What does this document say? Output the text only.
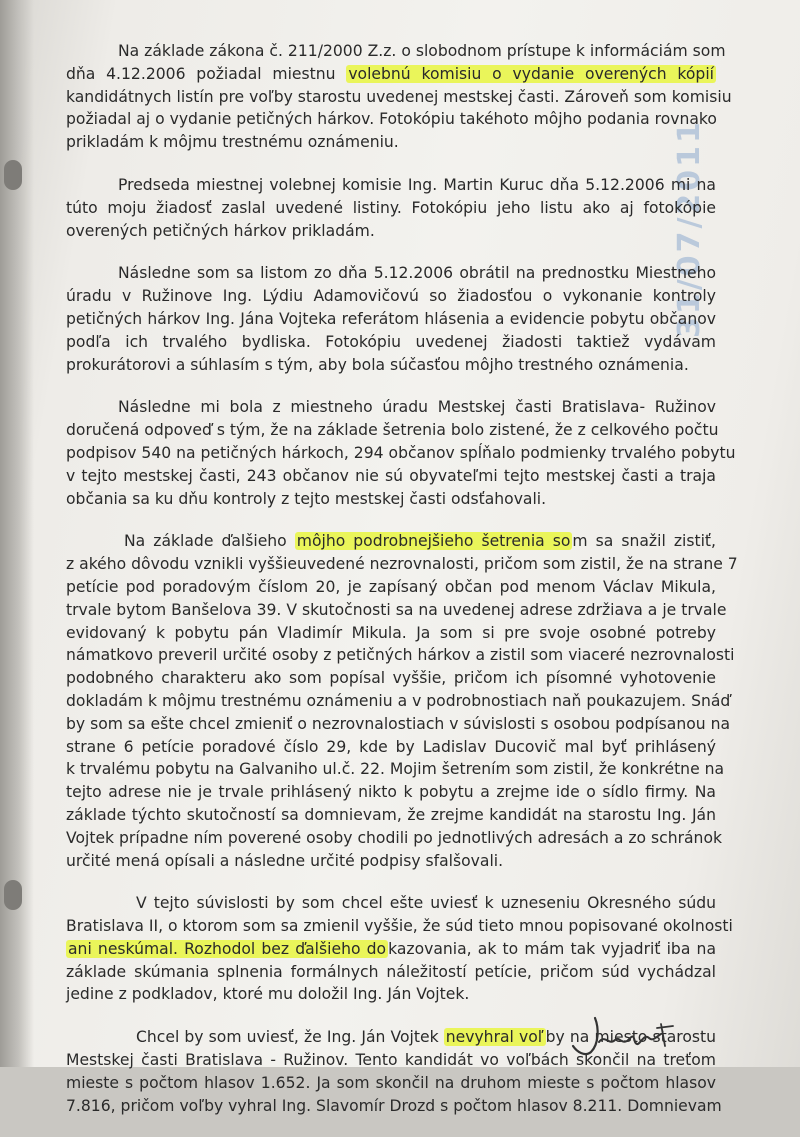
31/07/2011
Na základe zákona č. 211/2000 Z.z. o slobodnom prístupe k informáciám som
dňa 4.12.2006 požiadal miestnu volebnú komisiu o vydanie overených kópií
kandidátnych listín pre voľby starostu uvedenej mestskej časti. Zároveň som komisiu
požiadal aj o vydanie petičných hárkov. Fotokópiu takéhoto môjho podania rovnako
prikladám k môjmu trestnému oznámeniu.
Predseda miestnej volebnej komisie Ing. Martin Kuruc dňa 5.12.2006 mi na
túto moju žiadosť zaslal uvedené listiny. Fotokópiu jeho listu ako aj fotokópie
overených petičných hárkov prikladám.
Následne som sa listom zo dňa 5.12.2006 obrátil na prednostku Miestneho
úradu v Ružinove Ing. Lýdiu Adamovičovú so žiadosťou o vykonanie kontroly
petičných hárkov Ing. Jána Vojteka referátom hlásenia a evidencie pobytu občanov
podľa ich trvalého bydliska. Fotokópiu uvedenej žiadosti taktiež vydávam
prokurátorovi a súhlasím s tým, aby bola súčasťou môjho trestného oznámenia.
Následne mi bola z miestneho úradu Mestskej časti Bratislava- Ružinov
doručená odpoveď s tým, že na základe šetrenia bolo zistené, že z celkového počtu
podpisov 540 na petičných hárkoch, 294 občanov spĺňalo podmienky trvalého pobytu
v tejto mestskej časti, 243 občanov nie sú obyvateľmi tejto mestskej časti a traja
občania sa ku dňu kontroly z tejto mestskej časti odsťahovali.
Na základe ďalšieho môjho podrobnejšieho šetrenia so m sa snažil zistiť,
z akého dôvodu vznikli vyššieuvedené nezrovnalosti, pričom som zistil, že na strane 7
petície pod poradovým číslom 20, je zapísaný občan pod menom Václav Mikula,
trvale bytom Banšelova 39. V skutočnosti sa na uvedenej adrese zdržiava a je trvale
evidovaný k pobytu pán Vladimír Mikula. Ja som si pre svoje osobné potreby
námatkovo preveril určité osoby z petičných hárkov a zistil som viaceré nezrovnalosti
podobného charakteru ako som popísal vyššie, pričom ich písomné vyhotovenie
dokladám k môjmu trestnému oznámeniu a v podrobnostiach naň poukazujem. Snáď
by som sa ešte chcel zmieniť o nezrovnalostiach v súvislosti s osobou podpísanou na
strane 6 petície poradové číslo 29, kde by Ladislav Ducovič mal byť prihlásený
k trvalému pobytu na Galvaniho ul.č. 22. Mojim šetrením som zistil, že konkrétne na
tejto adrese nie je trvale prihlásený nikto k pobytu a zrejme ide o sídlo firmy. Na
základe týchto skutočností sa domnievam, že zrejme kandidát na starostu Ing. Ján
Vojtek prípadne ním poverené osoby chodili po jednotlivých adresách a zo schránok
určité mená opísali a následne určité podpisy sfalšovali.
V tejto súvislosti by som chcel ešte uviesť k uzneseniu Okresného súdu
Bratislava II, o ktorom som sa zmienil vyššie, že súd tieto mnou popisované okolnosti
ani neskúmal. Rozhodol bez ďalšieho do kazovania, ak to mám tak vyjadriť iba na
základe skúmania splnenia formálnych náležitostí petície, pričom súd vychádzal
jedine z podkladov, ktoré mu doložil Ing. Ján Vojtek.
Chcel by som uviesť, že Ing. Ján Vojtek nevyhral voľ by na miesto starostu
Mestskej časti Bratislava - Ružinov. Tento kandidát vo voľbách skončil na treťom
mieste s počtom hlasov 1.652. Ja som skončil na druhom mieste s počtom hlasov
7.816, pričom voľby vyhral Ing. Slavomír Drozd s počtom hlasov 8.211. Domnievam
